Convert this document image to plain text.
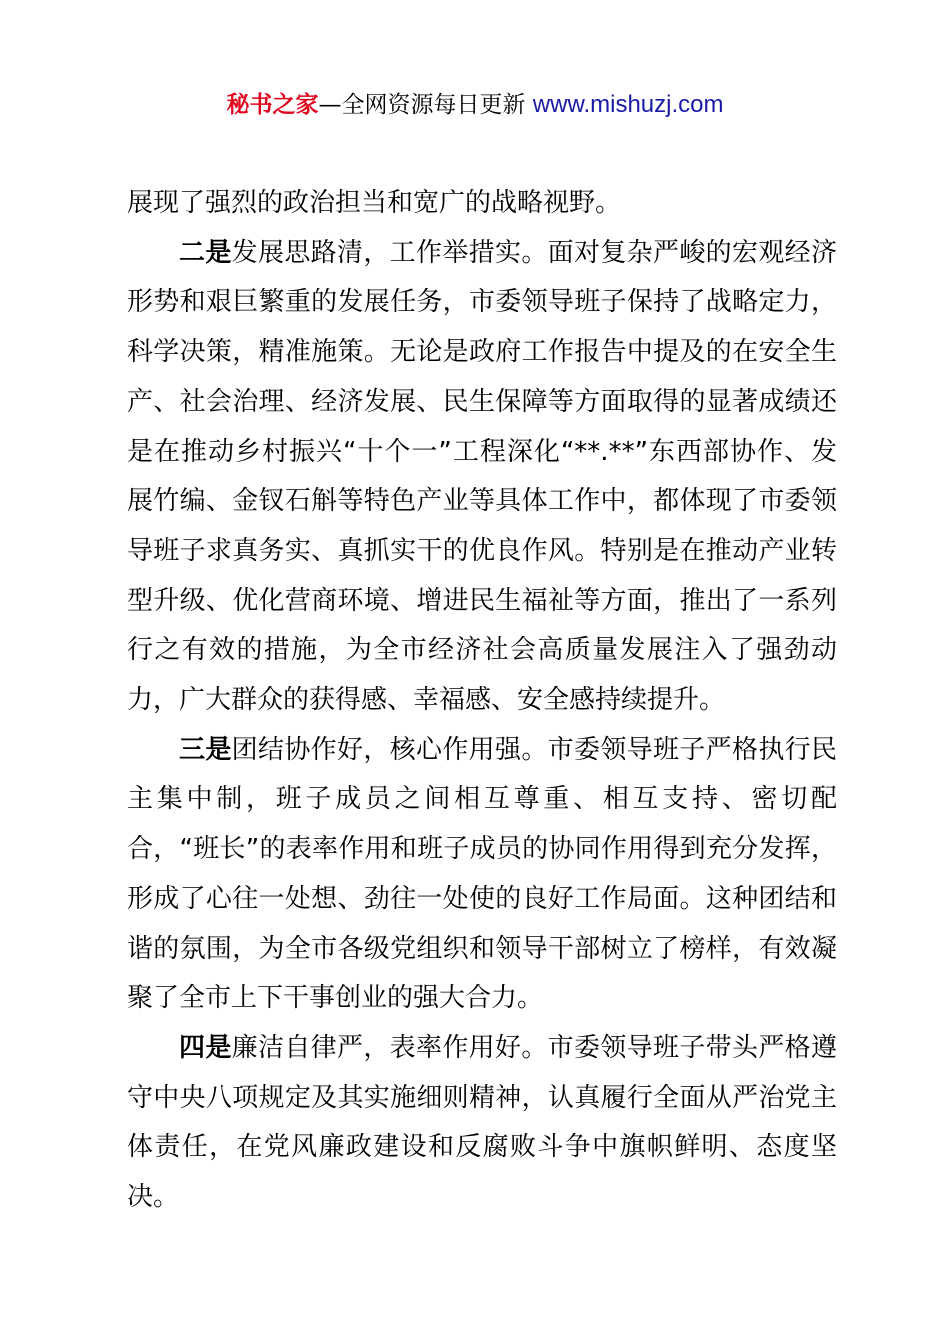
秘书之家—全网资源每日更新 www.mishuzj.com

展现了强烈的政治担当和宽广的战略视野。

二是发展思路清，工作举措实。面对复杂严峻的宏观经济形势和艰巨繁重的发展任务，市委领导班子保持了战略定力，科学决策，精准施策。无论是政府工作报告中提及的在安全生产、社会治理、经济发展、民生保障等方面取得的显著成绩还是在推动乡村振兴“十个一”工程深化“**.**”东西部协作、发展竹编、金钗石斛等特色产业等具体工作中，都体现了市委领导班子求真务实、真抓实干的优良作风。特别是在推动产业转型升级、优化营商环境、增进民生福祉等方面，推出了一系列行之有效的措施，为全市经济社会高质量发展注入了强劲动力，广大群众的获得感、幸福感、安全感持续提升。

三是团结协作好，核心作用强。市委领导班子严格执行民主集中制，班子成员之间相互尊重、相互支持、密切配合，“班长”的表率作用和班子成员的协同作用得到充分发挥，形成了心往一处想、劲往一处使的良好工作局面。这种团结和谐的氛围，为全市各级党组织和领导干部树立了榜样，有效凝聚了全市上下干事创业的强大合力。

四是廉洁自律严，表率作用好。市委领导班子带头严格遵守中央八项规定及其实施细则精神，认真履行全面从严治党主体责任，在党风廉政建设和反腐败斗争中旗帜鲜明、态度坚决。
